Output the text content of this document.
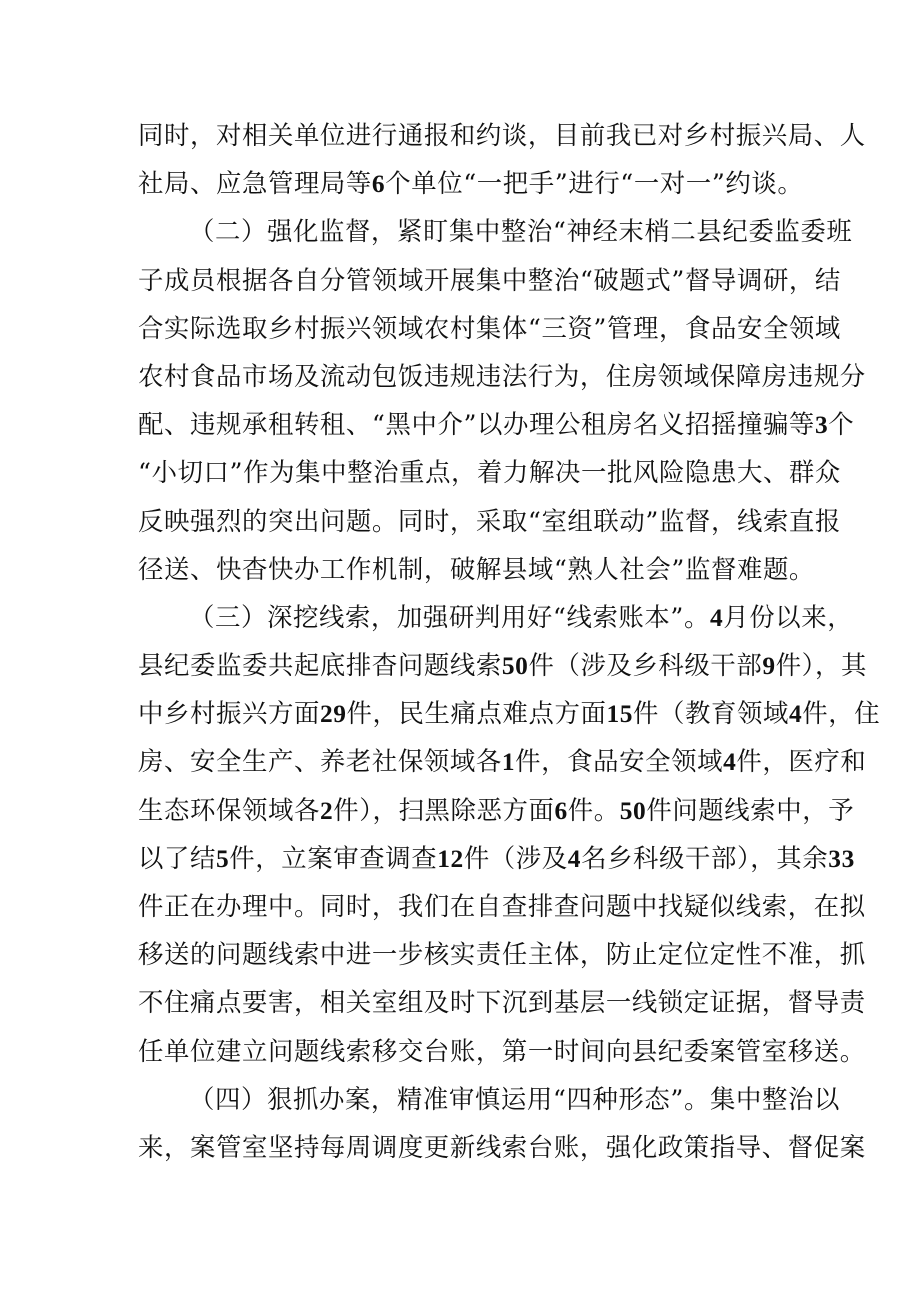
同时，对相关单位进行通报和约谈，目前我已对乡村振兴局、人
社局、应急管理局等6个单位“一把手”进行“一对一”约谈。
（二）强化监督，紧盯集中整治“神经末梢二县纪委监委班
子成员根据各自分管领域开展集中整治“破题式”督导调研，结
合实际选取乡村振兴领域农村集体“三资”管理，食品安全领域
农村食品市场及流动包饭违规违法行为，住房领域保障房违规分
配、违规承租转租、“黑中介”以办理公租房名义招摇撞骗等3个
“小切口”作为集中整治重点，着力解决一批风险隐患大、群众
反映强烈的突出问题。同时，采取“室组联动”监督，线索直报
径送、快杳快办工作机制，破解县域“熟人社会”监督难题。
（三）深挖线索，加强研判用好“线索账本”。4月份以来，
县纪委监委共起底排杳问题线索50件（涉及乡科级干部9件），其
中乡村振兴方面29件，民生痛点难点方面15件（教育领域4件，住
房、安全生产、养老社保领域各1件，食品安全领域4件，医疗和
生态环保领域各2件），扫黑除恶方面6件。50件问题线索中，予
以了结5件，立案审查调查12件（涉及4名乡科级干部），其余33
件正在办理中。同时，我们在自查排查问题中找疑似线索，在拟
移送的问题线索中进一步核实责任主体，防止定位定性不准，抓
不住痛点要害，相关室组及时下沉到基层一线锁定证据，督导责
任单位建立问题线索移交台账，第一时间向县纪委案管室移送。
（四）狠抓办案，精准审慎运用“四种形态”。集中整治以
来，案管室坚持每周调度更新线索台账，强化政策指导、督促案
